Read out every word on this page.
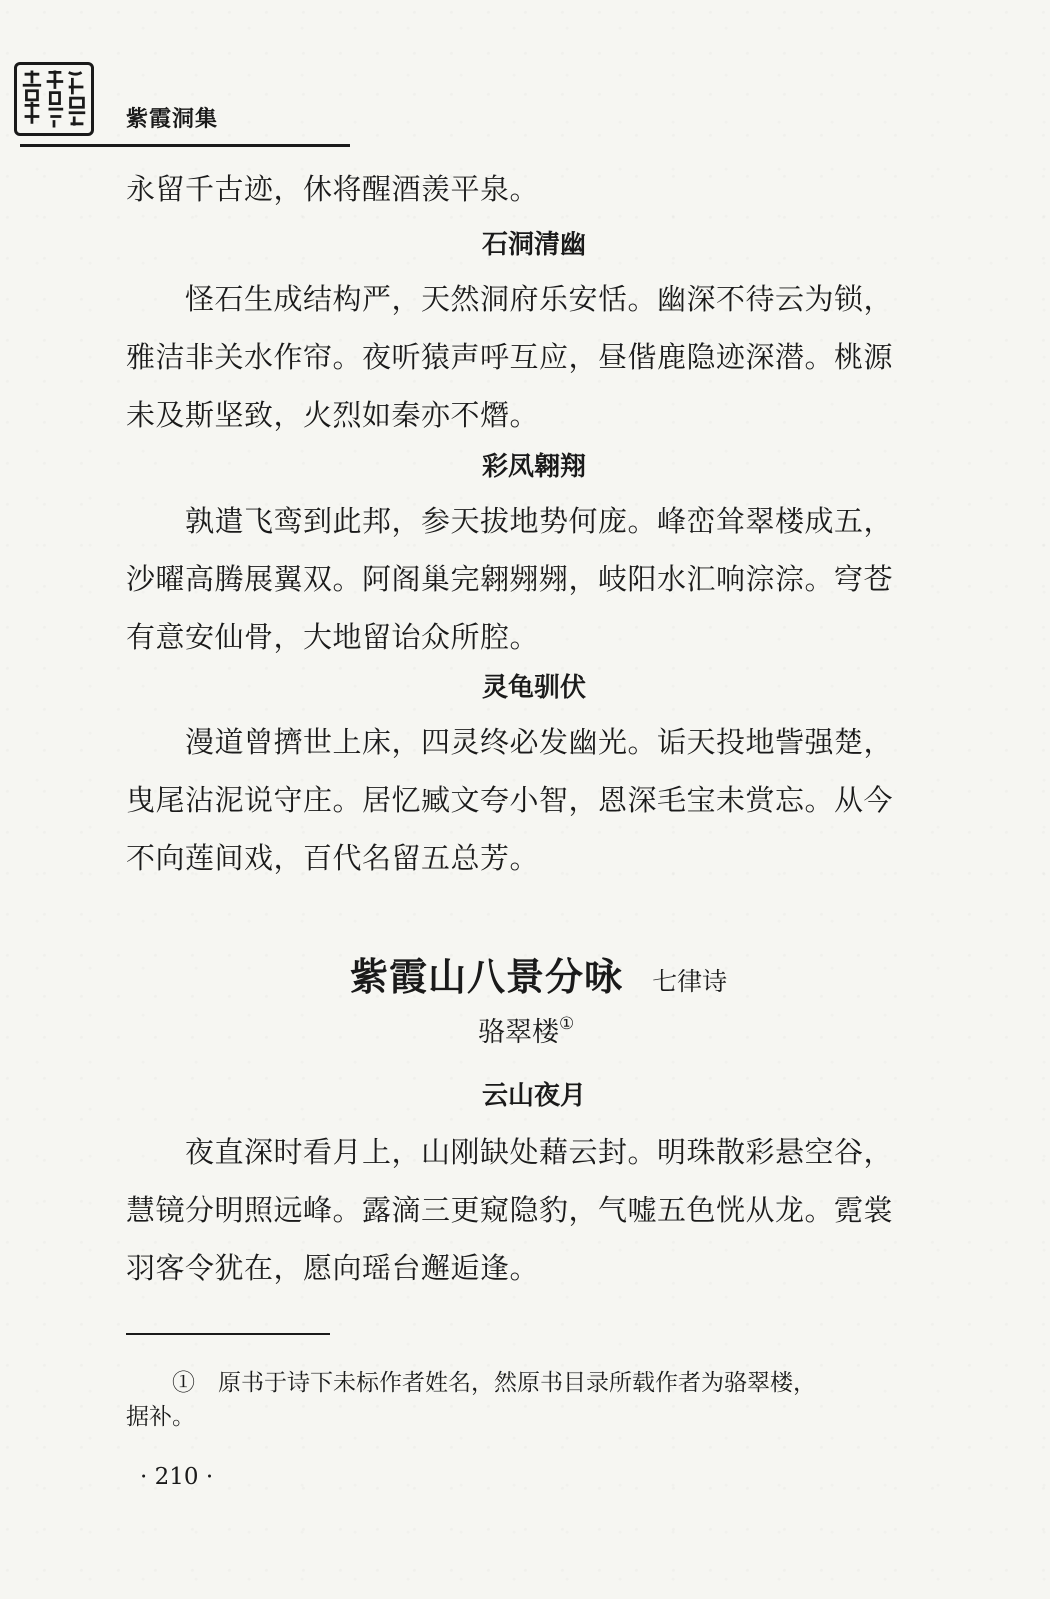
紫霞洞集
永留千古迹，休将醒酒羡平泉。
石洞清幽
　　怪石生成结构严，天然洞府乐安恬。幽深不待云为锁，
雅洁非关水作帘。夜听猿声呼互应，昼偕鹿隐迹深潜。桃源
未及斯坚致，火烈如秦亦不熸。
彩凤翱翔
　　孰遣飞鸾到此邦，参天拔地势何庞。峰峦耸翠楼成五，
沙曜高腾展翼双。阿阁巢完翱翙翙，岐阳水汇响淙淙。穹苍
有意安仙骨，大地留诒众所腔。
灵龟驯伏
　　漫道曾擠世上床，四灵终必发幽光。诟天投地訾强楚，
曳尾沾泥说守庄。居忆臧文夸小智，恩深毛宝未赏忘。从今
不向莲间戏，百代名留五总芳。
紫霞山八景分咏 七律诗
骆翠楼①
云山夜月
　　夜直深时看月上，山刚缺处藉云封。明珠散彩悬空谷，
慧镜分明照远峰。露滴三更窥隐豹，气嘘五色恍从龙。霓裳
羽客令犹在，愿向瑶台邂逅逢。
　　①　原书于诗下未标作者姓名，然原书目录所载作者为骆翠楼，
据补。
· 210 ·
